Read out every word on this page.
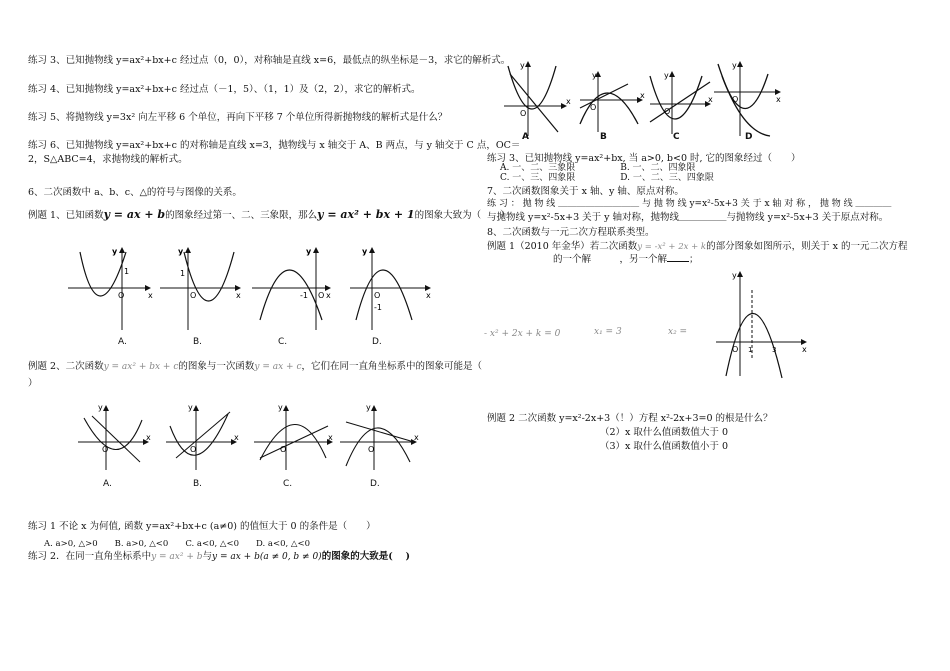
练习 3、已知抛物线 y=ax²+bx+c 经过点（0，0），对称轴是直线 x=6，最低点的纵坐标是－3，求它的解析式。
练习 4、已知抛物线 y=ax²+bx+c 经过点（－1，5）、（1，1）及（2，2），求它的解析式。
练习 5、将抛物线 y=3x² 向左平移 6 个单位，再向下平移 7 个单位所得新抛物线的解析式是什么？
练习 6、已知抛物线 y=ax²+bx+c 的对称轴是直线 x=3，抛物线与 x 轴交于 A、B 两点，与 y 轴交于 C 点，OC＝
2，S△ABC=4，求抛物线的解析式。
6、二次函数中 a、b、c、△的符号与图像的关系。
例题 1、已知函数y = ax + b的图象经过第一、二、三象限，那么y = ax² + bx + 1的图象大致为（　　）
y
x
O
1
y
x
O
1
y
x
O
-1
y
x
O
-1
A.	B.	C.	D.
例题 2、二次函数y = ax² + bx + c的图象与一次函数y = ax + c，它们在同一直角坐标系中的图象可能是（
）
y
x
O
y
x
O
y
x
O
y
x
O
A.	B.	C.	D.
练习 1 不论 x 为何值, 函数 y=ax²+bx+c (a≠0) 的值恒大于 0 的条件是（　　）
A. a>0, △>0　　B. a>0, △<0　　C. a<0, △<0　　D. a<0, △<0
练习 2．在同一直角坐标系中y = ax² + b与y = ax + b(a ≠ 0, b ≠ 0)的图象的大致是(　 )
y
x
O
y
x
O
y
x
O
y
x
O
A	B	C	D
练习 3、已知抛物线 y=ax²+bx, 当 a>0, b<0 时, 它的图象经过（　　）
A. 一、二、三象限　　　　　B. 一、二、四象限
C. 一、三、四象限　　　　　D. 一、二、三、四象限
7、二次函数图象关于 x 轴、y 轴、原点对称。
练 习 ： 抛 物 线 ＿＿＿＿＿＿＿＿＿ 与 抛 物 线 y=x²-5x+3 关 于 x 轴 对 称 ， 抛 物 线 ＿＿＿＿
与抛物线 y=x²-5x+3 关于 y 轴对称，抛物线＿＿＿＿＿与抛物线 y=x²-5x+3 关于原点对称。
8、二次函数与一元二次方程联系类型。
例题 1（2010 年金华）若二次函数y = -x² + 2x + k的部分图象如图所示，则关于 x 的一元二次方程
的一个解　　　，另一个解 ；
- x² + 2x + k = 0	x₁ = 3	x₂ =
y
x
O 1	3
例题 2 二次函数 y=x²-2x+3（！）方程 x²-2x+3=0 的根是什么？
（2）x 取什么值函数值大于 0
（3）x 取什么值函数值小于 0
